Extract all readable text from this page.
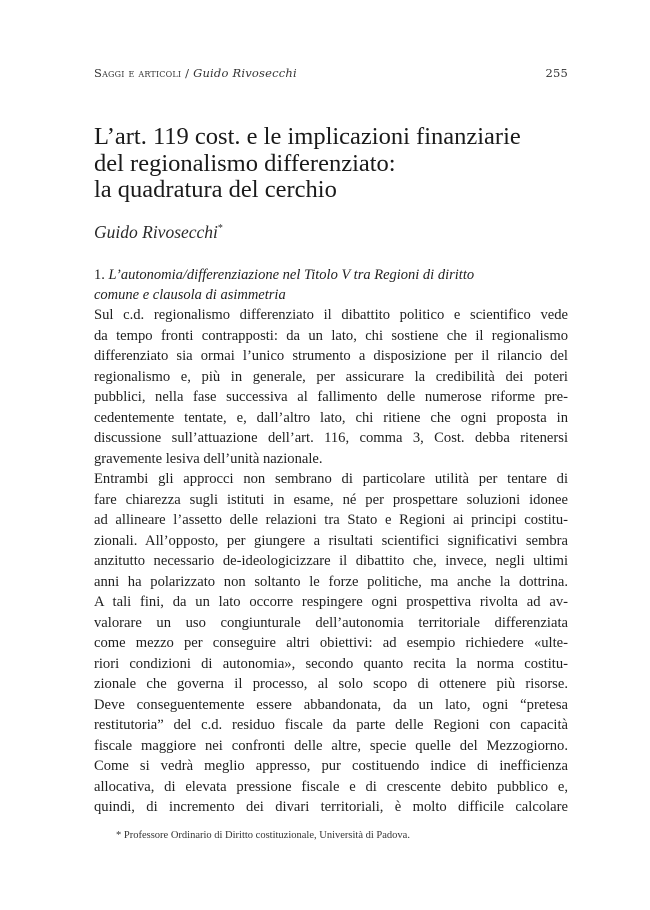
Saggi e articoli / Guido Rivosecchi	255
L’art. 119 cost. e le implicazioni finanziarie
del regionalismo differenziato:
la quadratura del cerchio
Guido Rivosecchi*
1. L’autonomia/differenziazione nel Titolo V tra Regioni di diritto
comune e clausola di asimmetria
Sul c.d. regionalismo differenziato il dibattito politico e scientifico vede
da tempo fronti contrapposti: da un lato, chi sostiene che il regionalismo
differenziato sia ormai l’unico strumento a disposizione per il rilancio del
regionalismo e, più in generale, per assicurare la credibilità dei poteri
pubblici, nella fase successiva al fallimento delle numerose riforme pre-
cedentemente tentate, e, dall’altro lato, chi ritiene che ogni proposta in
discussione sull’attuazione dell’art. 116, comma 3, Cost. debba ritenersi
gravemente lesiva dell’unità nazionale.
Entrambi gli approcci non sembrano di particolare utilità per tentare di
fare chiarezza sugli istituti in esame, né per prospettare soluzioni idonee
ad allineare l’assetto delle relazioni tra Stato e Regioni ai principi costitu-
zionali. All’opposto, per giungere a risultati scientifici significativi sembra
anzitutto necessario de-ideologicizzare il dibattito che, invece, negli ultimi
anni ha polarizzato non soltanto le forze politiche, ma anche la dottrina.
A tali fini, da un lato occorre respingere ogni prospettiva rivolta ad av-
valorare un uso congiunturale dell’autonomia territoriale differenziata
come mezzo per conseguire altri obiettivi: ad esempio richiedere «ulte-
riori condizioni di autonomia», secondo quanto recita la norma costitu-
zionale che governa il processo, al solo scopo di ottenere più risorse.
Deve conseguentemente essere abbandonata, da un lato, ogni “pretesa
restitutoria” del c.d. residuo fiscale da parte delle Regioni con capacità
fiscale maggiore nei confronti delle altre, specie quelle del Mezzogiorno.
Come si vedrà meglio appresso, pur costituendo indice di inefficienza
allocativa, di elevata pressione fiscale e di crescente debito pubblico e,
quindi, di incremento dei divari territoriali, è molto difficile calcolare
* Professore Ordinario di Diritto costituzionale, Università di Padova.
